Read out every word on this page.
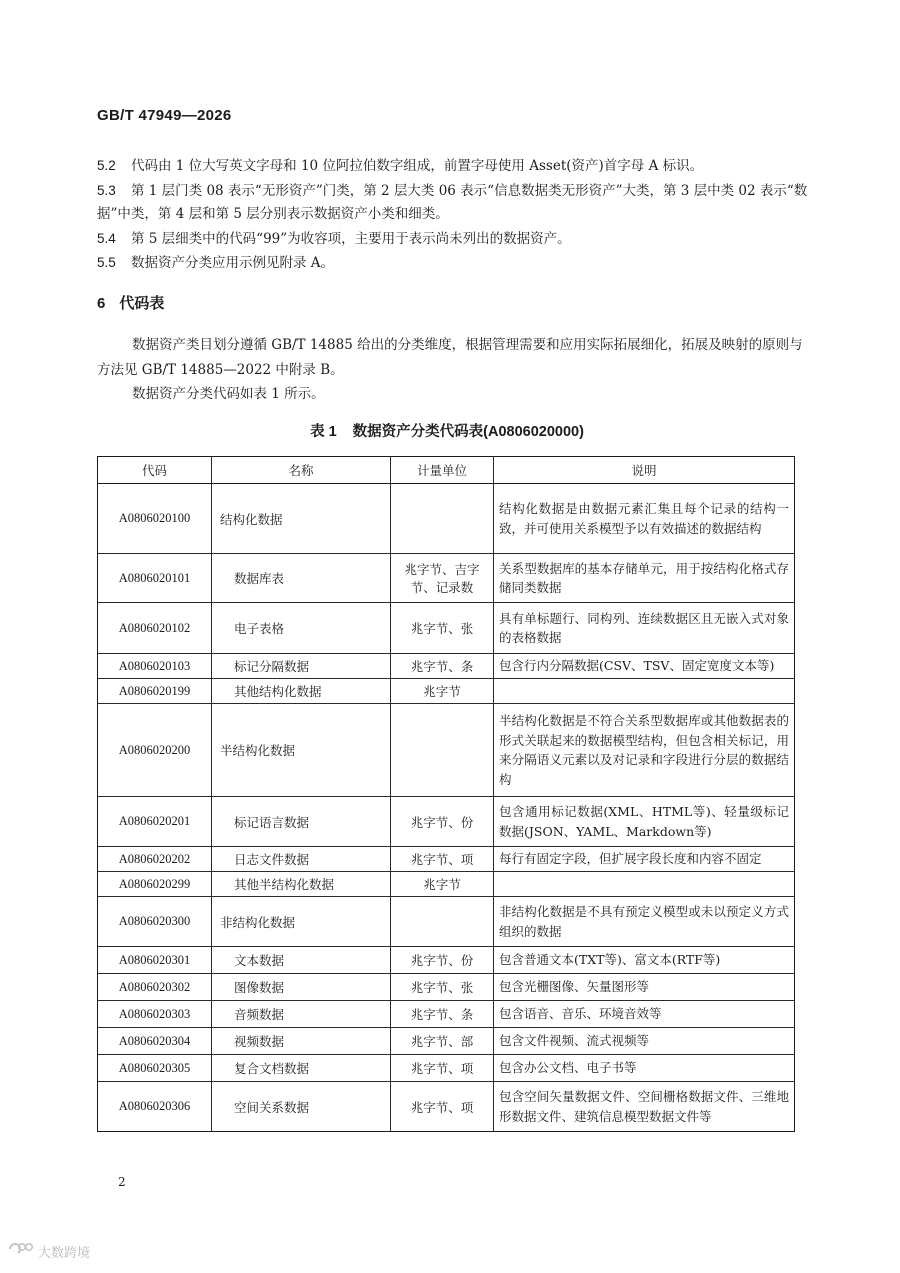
GB/T 47949—2026
5.2 代码由 1 位大写英文字母和 10 位阿拉伯数字组成，前置字母使用 Asset(资产)首字母 A 标识。
5.3 第 1 层门类 08 表示“无形资产”门类，第 2 层大类 06 表示“信息数据类无形资产”大类，第 3 层中类 02 表示“数据”中类，第 4 层和第 5 层分别表示数据资产小类和细类。
5.4 第 5 层细类中的代码“99”为收容项，主要用于表示尚未列出的数据资产。
5.5 数据资产分类应用示例见附录 A。
6 代码表
数据资产类目划分遵循 GB/T 14885 给出的分类维度，根据管理需要和应用实际拓展细化，拓展及映射的原则与方法见 GB/T 14885—2022 中附录 B。
数据资产分类代码如表 1 所示。
表 1 数据资产分类代码表(A0806020000)
代码	名称	计量单位	说明
A0806020100	结构化数据		结构化数据是由数据元素汇集且每个记录的结构一致，并可使用关系模型予以有效描述的数据结构
A0806020101	数据库表	兆字节、吉字节、记录数	关系型数据库的基本存储单元，用于按结构化格式存储同类数据
A0806020102	电子表格	兆字节、张	具有单标题行、同构列、连续数据区且无嵌入式对象的表格数据
A0806020103	标记分隔数据	兆字节、条	包含行内分隔数据(CSV、TSV、固定宽度文本等)
A0806020199	其他结构化数据	兆字节	
A0806020200	半结构化数据		半结构化数据是不符合关系型数据库或其他数据表的形式关联起来的数据模型结构，但包含相关标记，用来分隔语义元素以及对记录和字段进行分层的数据结构
A0806020201	标记语言数据	兆字节、份	包含通用标记数据(XML、HTML等)、轻量级标记数据(JSON、YAML、Markdown等)
A0806020202	日志文件数据	兆字节、项	每行有固定字段，但扩展字段长度和内容不固定
A0806020299	其他半结构化数据	兆字节	
A0806020300	非结构化数据		非结构化数据是不具有预定义模型或未以预定义方式组织的数据
A0806020301	文本数据	兆字节、份	包含普通文本(TXT等)、富文本(RTF等)
A0806020302	图像数据	兆字节、张	包含光栅图像、矢量图形等
A0806020303	音频数据	兆字节、条	包含语音、音乐、环境音效等
A0806020304	视频数据	兆字节、部	包含文件视频、流式视频等
A0806020305	复合文档数据	兆字节、项	包含办公文档、电子书等
A0806020306	空间关系数据	兆字节、项	包含空间矢量数据文件、空间栅格数据文件、三维地形数据文件、建筑信息模型数据文件等
2
大数跨境
